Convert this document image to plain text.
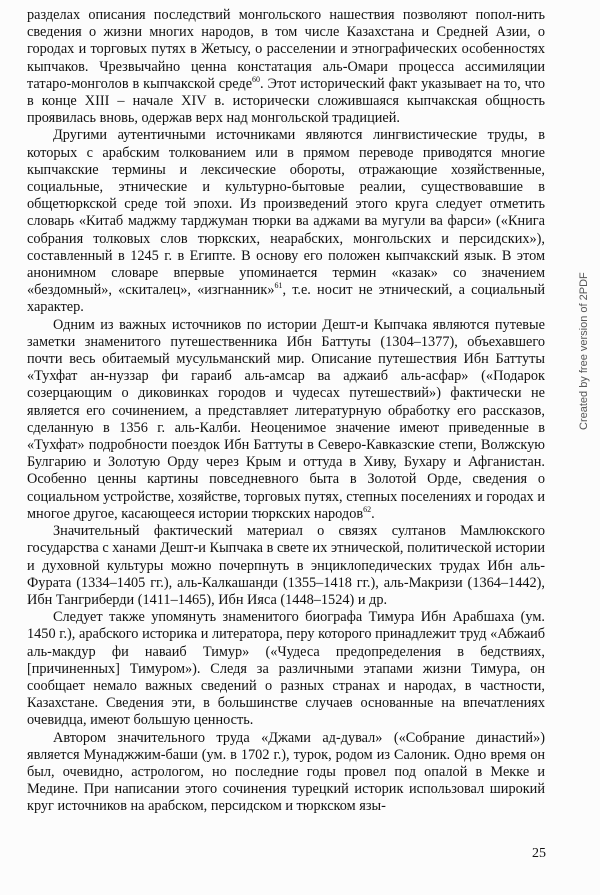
разделах описания последствий монгольского нашествия позволяют попол-нить сведения о жизни многих народов, в том числе Казахстана и Средней Азии, о городах и торговых путях в Жетысу, о расселении и этнографических особенностях кыпчаков. Чрезвычайно ценна констатация аль-Омари процесса ассимиляции татаро-монголов в кыпчакской среде$^{60}$. Этот исторический факт указывает на то, что в конце XIII – начале XIV в. исторически сложившаяся кыпчакская общность проявилась вновь, одержав верх над монгольской традицией.

Другими аутентичными источниками являются лингвистические труды, в которых с арабским толкованием или в прямом переводе приводятся многие кыпчакские термины и лексические обороты, отражающие хозяйственные, социальные, этнические и культурно-бытовые реалии, существовавшие в общетюркской среде той эпохи. Из произведений этого круга следует отметить словарь «Китаб маджму тарджуман тюрки ва аджами ва мугули ва фарси» («Книга собрания толковых слов тюркских, неарабских, монгольских и персидских»), составленный в 1245 г. в Египте. В основу его положен кыпчакский язык. В этом анонимном словаре впервые упоминается термин «казак» со значением «бездомный», «скиталец», «изгнанник»$^{61}$, т.е. носит не этнический, а социальный характер.

Одним из важных источников по истории Дешт-и Кыпчака являются путевые заметки знаменитого путешественника Ибн Баттуты (1304–1377), объехавшего почти весь обитаемый мусульманский мир. Описание путешествия Ибн Баттуты «Тухфат ан-нуззар фи гараиб аль-амсар ва аджаиб аль-асфар» («Подарок созерцающим о диковинках городов и чудесах путешествий») фактически не является его сочинением, а представляет литературную обработку его рассказов, сделанную в 1356 г. аль-Калби. Неоценимое значение имеют приведенные в «Тухфат» подробности поездок Ибн Баттуты в Северо-Кавказские степи, Волжскую Булгарию и Золотую Орду через Крым и оттуда в Хиву, Бухару и Афганистан. Особенно ценны картины повседневного быта в Золотой Орде, сведения о социальном устройстве, хозяйстве, торговых путях, степных поселениях и городах и многое другое, касающееся истории тюркских народов$^{62}$.

Значительный фактический материал о связях султанов Мамлюкского государства с ханами Дешт-и Кыпчака в свете их этнической, политической истории и духовной культуры можно почерпнуть в энциклопедических трудах Ибн аль-Фурата (1334–1405 гг.), аль-Калкашанди (1355–1418 гг.), аль-Макризи (1364–1442), Ибн Тангриберди (1411–1465), Ибн Ияса (1448–1524) и др.

Следует также упомянуть знаменитого биографа Тимура Ибн Арабшаха (ум. 1450 г.), арабского историка и литератора, перу которого принадлежит труд «Абжаиб аль-макдур фи наваиб Тимур» («Чудеса предопределения в бедствиях, [причиненных] Тимуром»). Следя за различными этапами жизни Тимура, он сообщает немало важных сведений о разных странах и народах, в частности, Казахстане. Сведения эти, в большинстве случаев основанные на впечатлениях очевидца, имеют большую ценность.

Автором значительного труда «Джами ад-дувал» («Собрание династий») является Мунаджжим-баши (ум. в 1702 г.), турок, родом из Салоник. Одно время он был, очевидно, астрологом, но последние годы провел под опалой в Мекке и Медине. При написании этого сочинения турецкий историк использовал широкий круг источников на арабском, персидском и тюркском язы-

Created by free version of 2PDF
25
